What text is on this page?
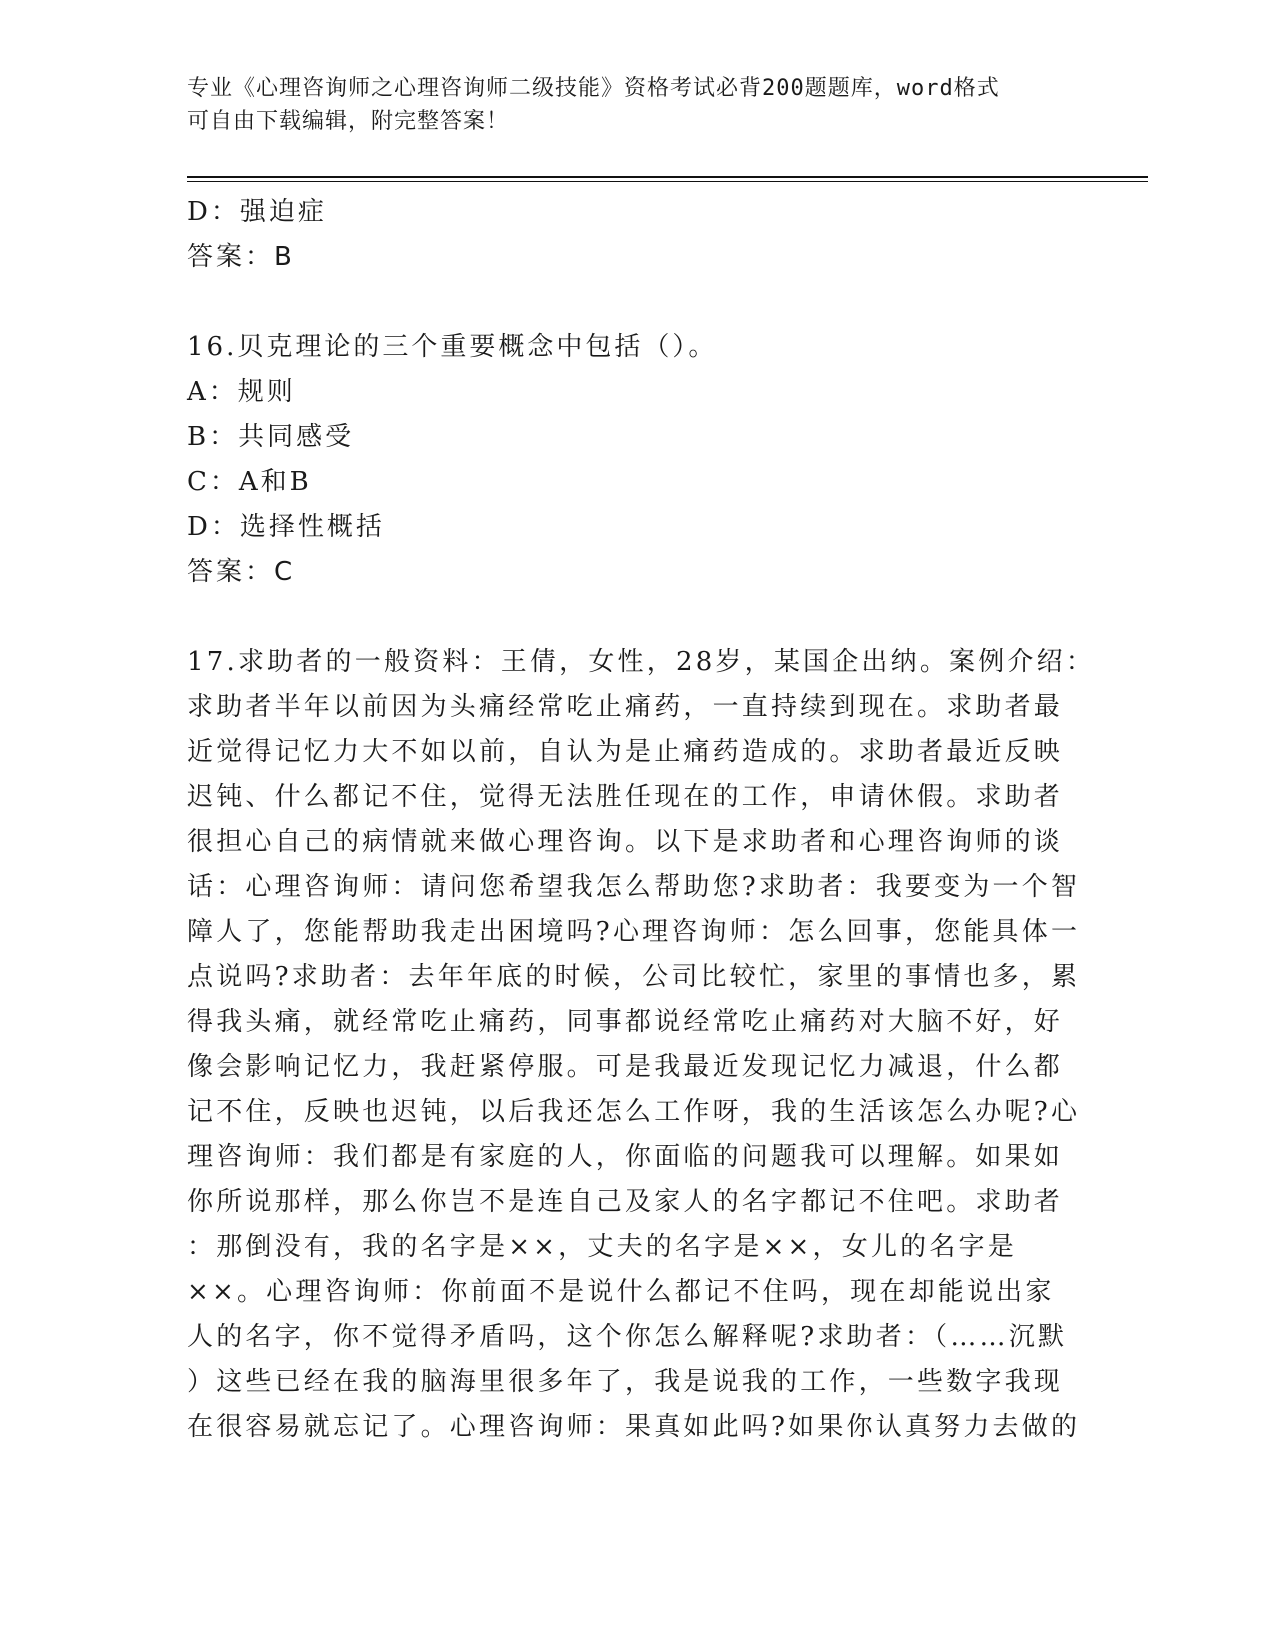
专业《心理咨询师之心理咨询师二级技能》资格考试必背200题题库，word格式
可自由下载编辑，附完整答案！
D：强迫症
答案：B
16.贝克理论的三个重要概念中包括（）。
A：规则
B：共同感受
C：A和B
D：选择性概括
答案：C
17.求助者的一般资料：王倩，女性，28岁，某国企出纳。案例介绍：
求助者半年以前因为头痛经常吃止痛药，一直持续到现在。求助者最
近觉得记忆力大不如以前，自认为是止痛药造成的。求助者最近反映
迟钝、什么都记不住，觉得无法胜任现在的工作，申请休假。求助者
很担心自己的病情就来做心理咨询。以下是求助者和心理咨询师的谈
话：心理咨询师：请问您希望我怎么帮助您?求助者：我要变为一个智
障人了，您能帮助我走出困境吗?心理咨询师：怎么回事，您能具体一
点说吗?求助者：去年年底的时候，公司比较忙，家里的事情也多，累
得我头痛，就经常吃止痛药，同事都说经常吃止痛药对大脑不好，好
像会影响记忆力，我赶紧停服。可是我最近发现记忆力减退，什么都
记不住，反映也迟钝，以后我还怎么工作呀，我的生活该怎么办呢?心
理咨询师：我们都是有家庭的人，你面临的问题我可以理解。如果如
你所说那样，那么你岂不是连自己及家人的名字都记不住吧。求助者
：那倒没有，我的名字是××，丈夫的名字是××，女儿的名字是
××。心理咨询师：你前面不是说什么都记不住吗，现在却能说出家
人的名字，你不觉得矛盾吗，这个你怎么解释呢?求助者：（……沉默
）这些已经在我的脑海里很多年了，我是说我的工作，一些数字我现
在很容易就忘记了。心理咨询师：果真如此吗?如果你认真努力去做的
